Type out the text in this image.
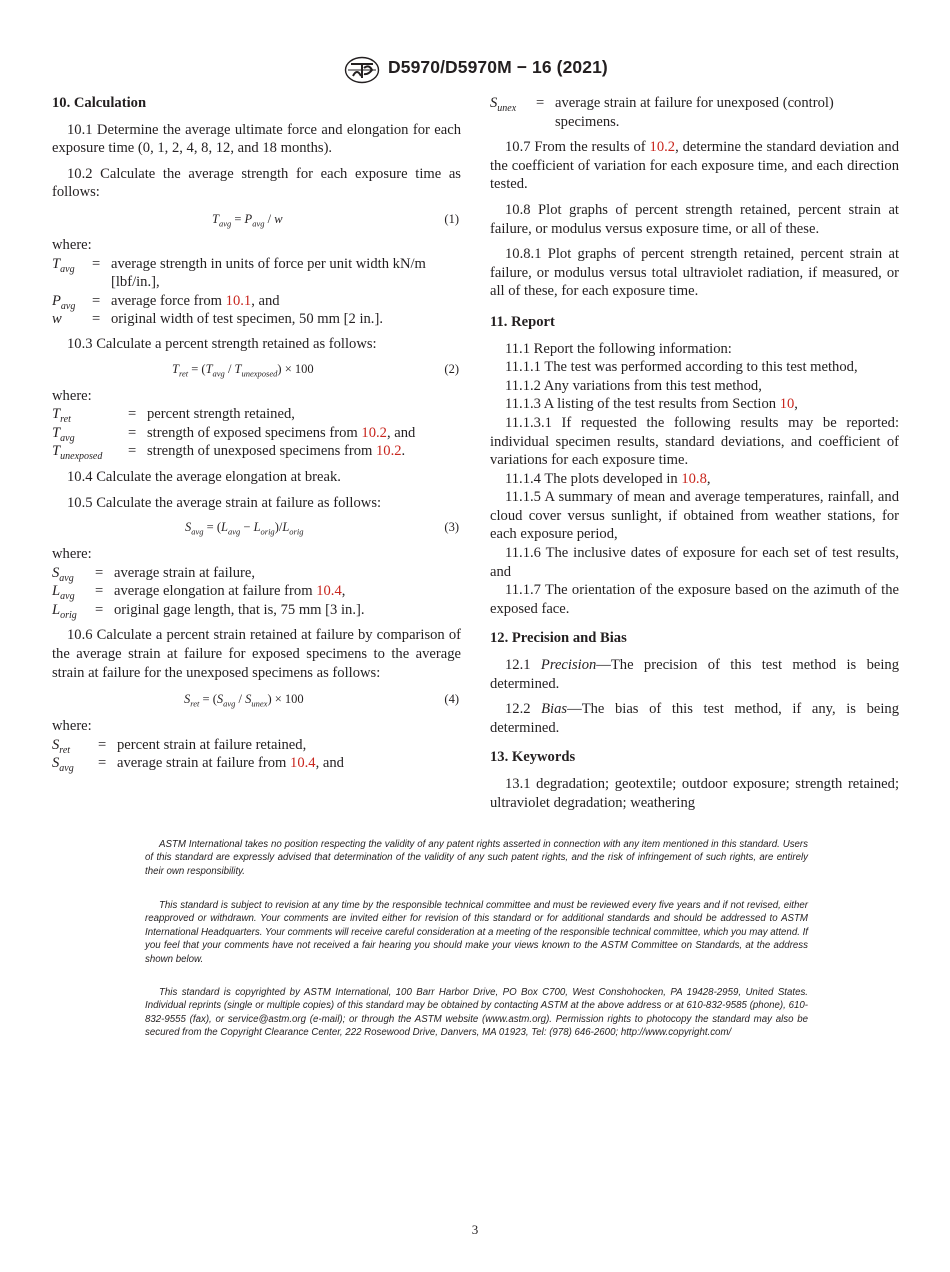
D5970/D5970M − 16 (2021)

10. Calculation

10.1 Determine the average ultimate force and elongation for each exposure time (0, 1, 2, 4, 8, 12, and 18 months).

10.2 Calculate the average strength for each exposure time as follows:

$T_{avg} = P_{avg} / w$	(1)

where:

$T_{avg}$ = average strength in units of force per unit width kN/m [lbf/in.],
$P_{avg}$ = average force from 10.1, and
w = original width of test specimen, 50 mm [2 in.].

10.3 Calculate a percent strength retained as follows:

$T_{ret} = (T_{avg} / T_{unexposed}) \times 100$	(2)

where:

$T_{ret}$	= percent strength retained,
$T_{avg}$	= strength of exposed specimens from 10.2, and
$T_{unexposed}$ = strength of unexposed specimens from 10.2.

10.4 Calculate the average elongation at break.

10.5 Calculate the average strain at failure as follows:

$S_{avg} = (L_{avg} - L_{orig})/L_{orig}$	(3)

where:

$S_{avg}$ = average strain at failure,
$L_{avg}$ = average elongation at failure from 10.4,
$L_{orig}$ = original gage length, that is, 75 mm [3 in.].

10.6 Calculate a percent strain retained at failure by comparison of the average strain at failure for exposed specimens to the average strain at failure for the unexposed specimens as follows:

$S_{ret} = (S_{avg} / S_{unex}) \times 100$	(4)

where:

$S_{ret}$ = percent strain at failure retained,
$S_{avg}$ = average strain at failure from 10.4, and
$S_{unex}$ = average strain at failure for unexposed (control) specimens.

10.7 From the results of 10.2, determine the standard deviation and the coefficient of variation for each exposure time, and each direction tested.

10.8 Plot graphs of percent strength retained, percent strain at failure, or modulus versus exposure time, or all of these.

10.8.1 Plot graphs of percent strength retained, percent strain at failure, or modulus versus total ultraviolet radiation, if measured, or all of these, for each exposure time.

11. Report

11.1 Report the following information:

11.1.1 The test was performed according to this test method,

11.1.2 Any variations from this test method,

11.1.3 A listing of the test results from Section 10,

11.1.3.1 If requested the following results may be reported: individual specimen results, standard deviations, and coefficient of variations for each exposure time.

11.1.4 The plots developed in 10.8,

11.1.5 A summary of mean and average temperatures, rainfall, and cloud cover versus sunlight, if obtained from weather stations, for each exposure period,

11.1.6 The inclusive dates of exposure for each set of test results, and

11.1.7 The orientation of the exposure based on the azimuth of the exposed face.

12. Precision and Bias

12.1 Precision—The precision of this test method is being determined.

12.2 Bias—The bias of this test method, if any, is being determined.

13. Keywords

13.1 degradation; geotextile; outdoor exposure; strength retained; ultraviolet degradation; weathering

ASTM International takes no position respecting the validity of any patent rights asserted in connection with any item mentioned in this standard. Users of this standard are expressly advised that determination of the validity of any such patent rights, and the risk of infringement of such rights, are entirely their own responsibility.

This standard is subject to revision at any time by the responsible technical committee and must be reviewed every five years and if not revised, either reapproved or withdrawn. Your comments are invited either for revision of this standard or for additional standards and should be addressed to ASTM International Headquarters. Your comments will receive careful consideration at a meeting of the responsible technical committee, which you may attend. If you feel that your comments have not received a fair hearing you should make your views known to the ASTM Committee on Standards, at the address shown below.

This standard is copyrighted by ASTM International, 100 Barr Harbor Drive, PO Box C700, West Conshohocken, PA 19428-2959, United States. Individual reprints (single or multiple copies) of this standard may be obtained by contacting ASTM at the above address or at 610-832-9585 (phone), 610-832-9555 (fax), or service@astm.org (e-mail); or through the ASTM website (www.astm.org). Permission rights to photocopy the standard may also be secured from the Copyright Clearance Center, 222 Rosewood Drive, Danvers, MA 01923, Tel: (978) 646-2600; http://www.copyright.com/

3
